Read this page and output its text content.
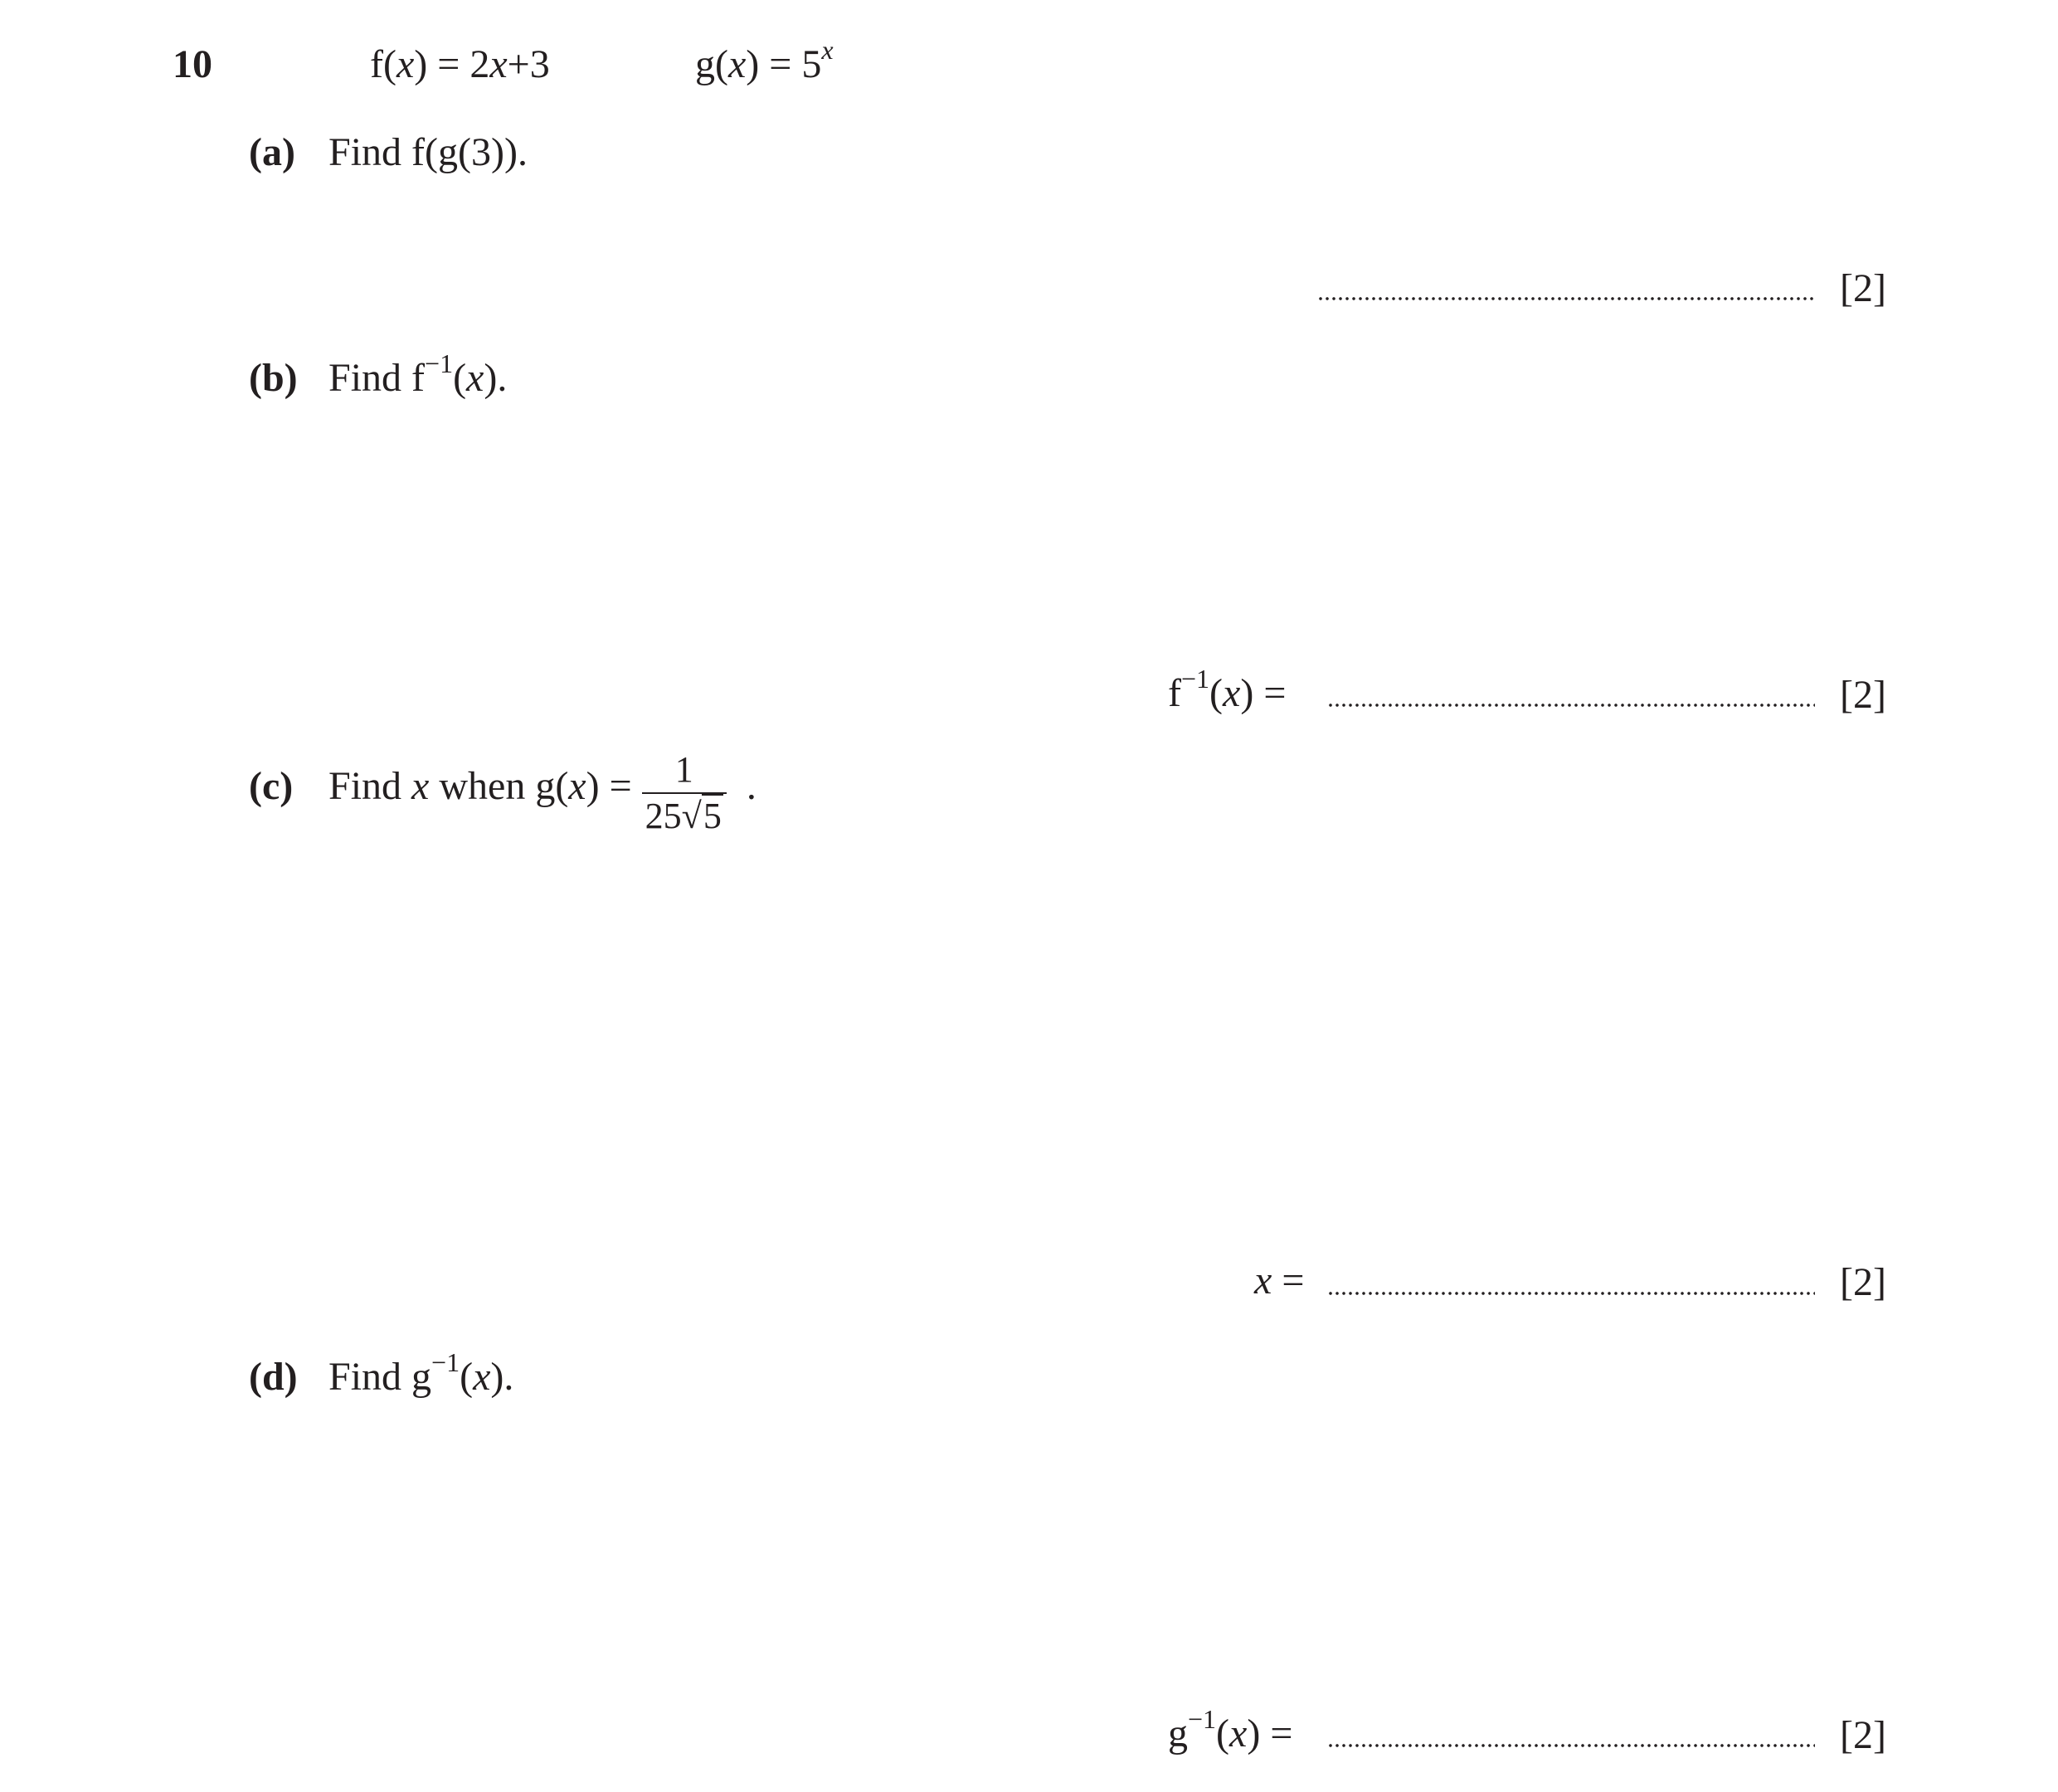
10	f(x) = 2x+3	$g(x) = 5^x$
(a) Find f(g(3)).
[2]
(b) Find $f^{-1}(x)$.
$f^{-1}(x)$ =	[2]
(c) Find x when $g(x) = \frac{1}{25√5}$ .
x =	[2]
(d) Find $g^{-1}(x)$.
$g^{-1}(x)$ =	[2]
